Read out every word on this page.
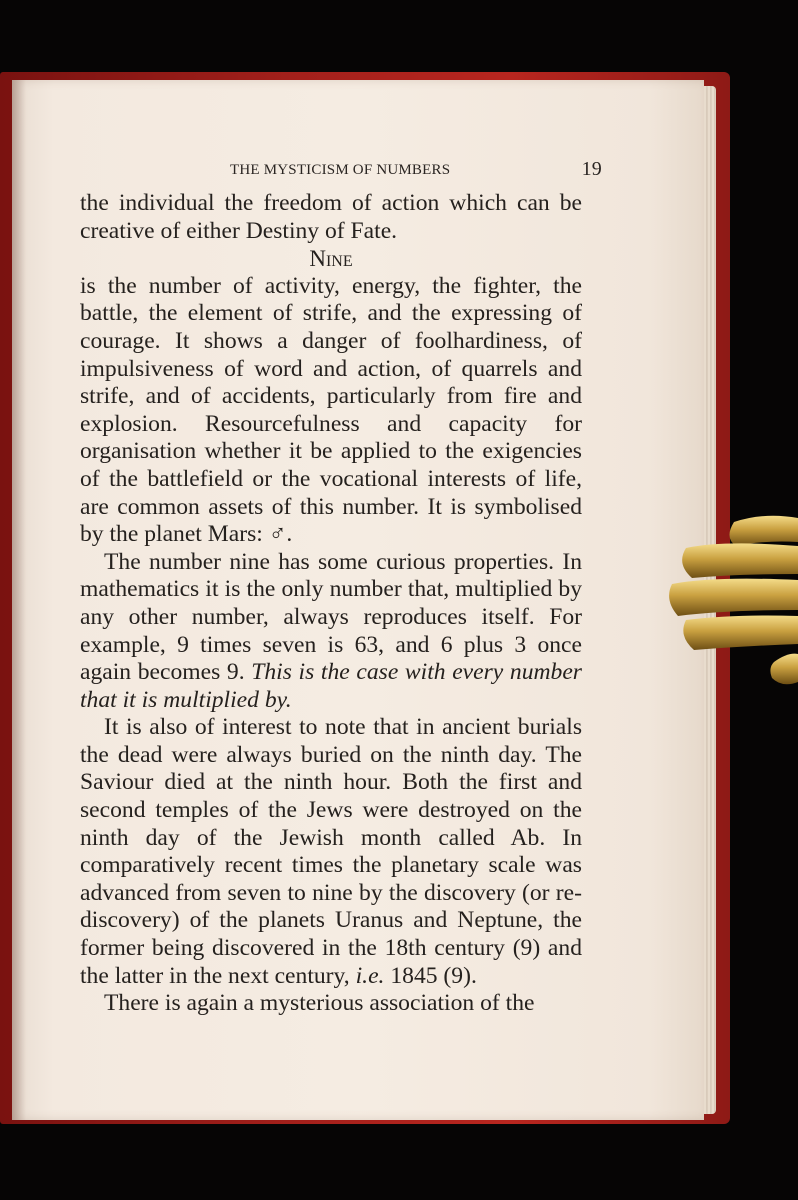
THE MYSTICISM OF NUMBERS	19

the individual the freedom of action which can be creative of either Destiny of Fate.

Nine

is the number of activity, energy, the fighter, the battle, the element of strife, and the expressing of courage. It shows a danger of foolhardiness, of impulsiveness of word and action, of quarrels and strife, and of accidents, particularly from fire and explosion. Resourcefulness and capacity for organisation whether it be applied to the exigencies of the battlefield or the vocational interests of life, are common assets of this number. It is symbolised by the planet Mars: ♂.

The number nine has some curious properties. In mathematics it is the only number that, multiplied by any other number, always reproduces itself. For example, 9 times seven is 63, and 6 plus 3 once again becomes 9. This is the case with every number that it is multiplied by.

It is also of interest to note that in ancient burials the dead were always buried on the ninth day. The Saviour died at the ninth hour. Both the first and second temples of the Jews were destroyed on the ninth day of the Jewish month called Ab. In comparatively recent times the planetary scale was advanced from seven to nine by the discovery (or re-discovery) of the planets Uranus and Neptune, the former being discovered in the 18th century (9) and the latter in the next century, i.e. 1845 (9).

There is again a mysterious association of the
